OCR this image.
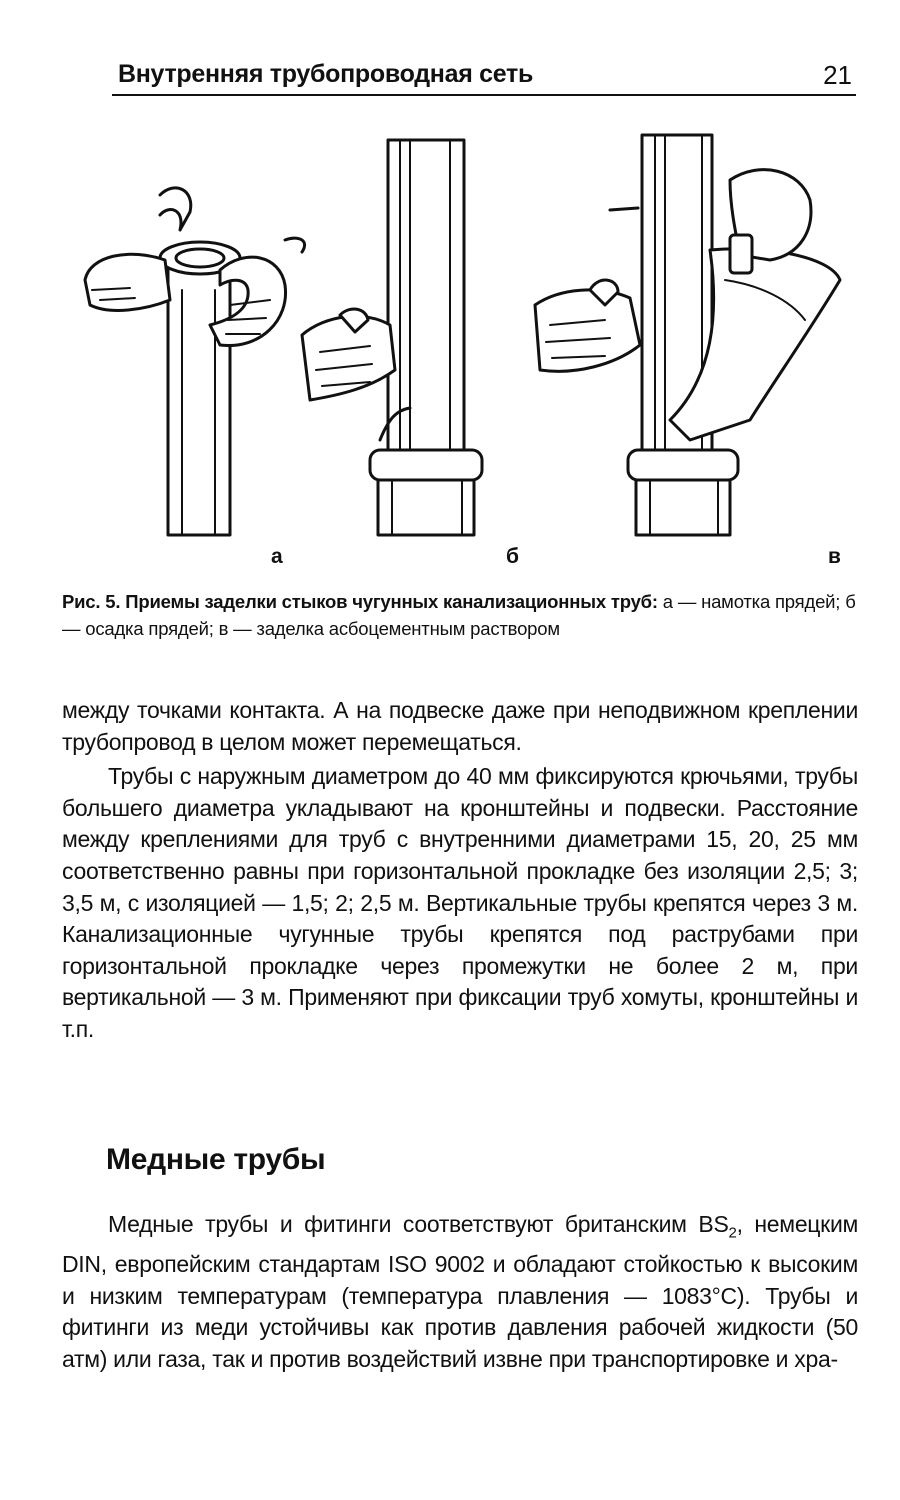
Внутренняя трубопроводная сеть	21
а	б	в
Рис. 5. Приемы заделки стыков чугунных канализационных труб: а — намотка прядей; б — осадка прядей; в — заделка асбоцементным раствором

между точками контакта. А на подвеске даже при неподвижном креплении трубопровод в целом может перемещаться.

Трубы с наружным диаметром до 40 мм фиксируются крючьями, трубы большего диаметра укладывают на кронштейны и подвески. Расстояние между креплениями для труб с внутренними диаметрами 15, 20, 25 мм соответственно равны при горизонтальной прокладке без изоляции 2,5; 3; 3,5 м, с изоляцией — 1,5; 2; 2,5 м. Вертикальные трубы крепятся через 3 м. Канализационные чугунные трубы крепятся под раструбами при горизонтальной прокладке через промежутки не более 2 м, при вертикальной — 3 м. Применяют при фиксации труб хомуты, кронштейны и т.п.

Медные трубы

Медные трубы и фитинги соответствуют британским $BS_2$, немецким DIN, европейским стандартам ISO 9002 и обладают стойкостью к высоким и низким температурам (температура плавления — 1083°С). Трубы и фитинги из меди устойчивы как против давления рабочей жидкости (50 атм) или газа, так и против воздействий извне при транспортировке и хра-
